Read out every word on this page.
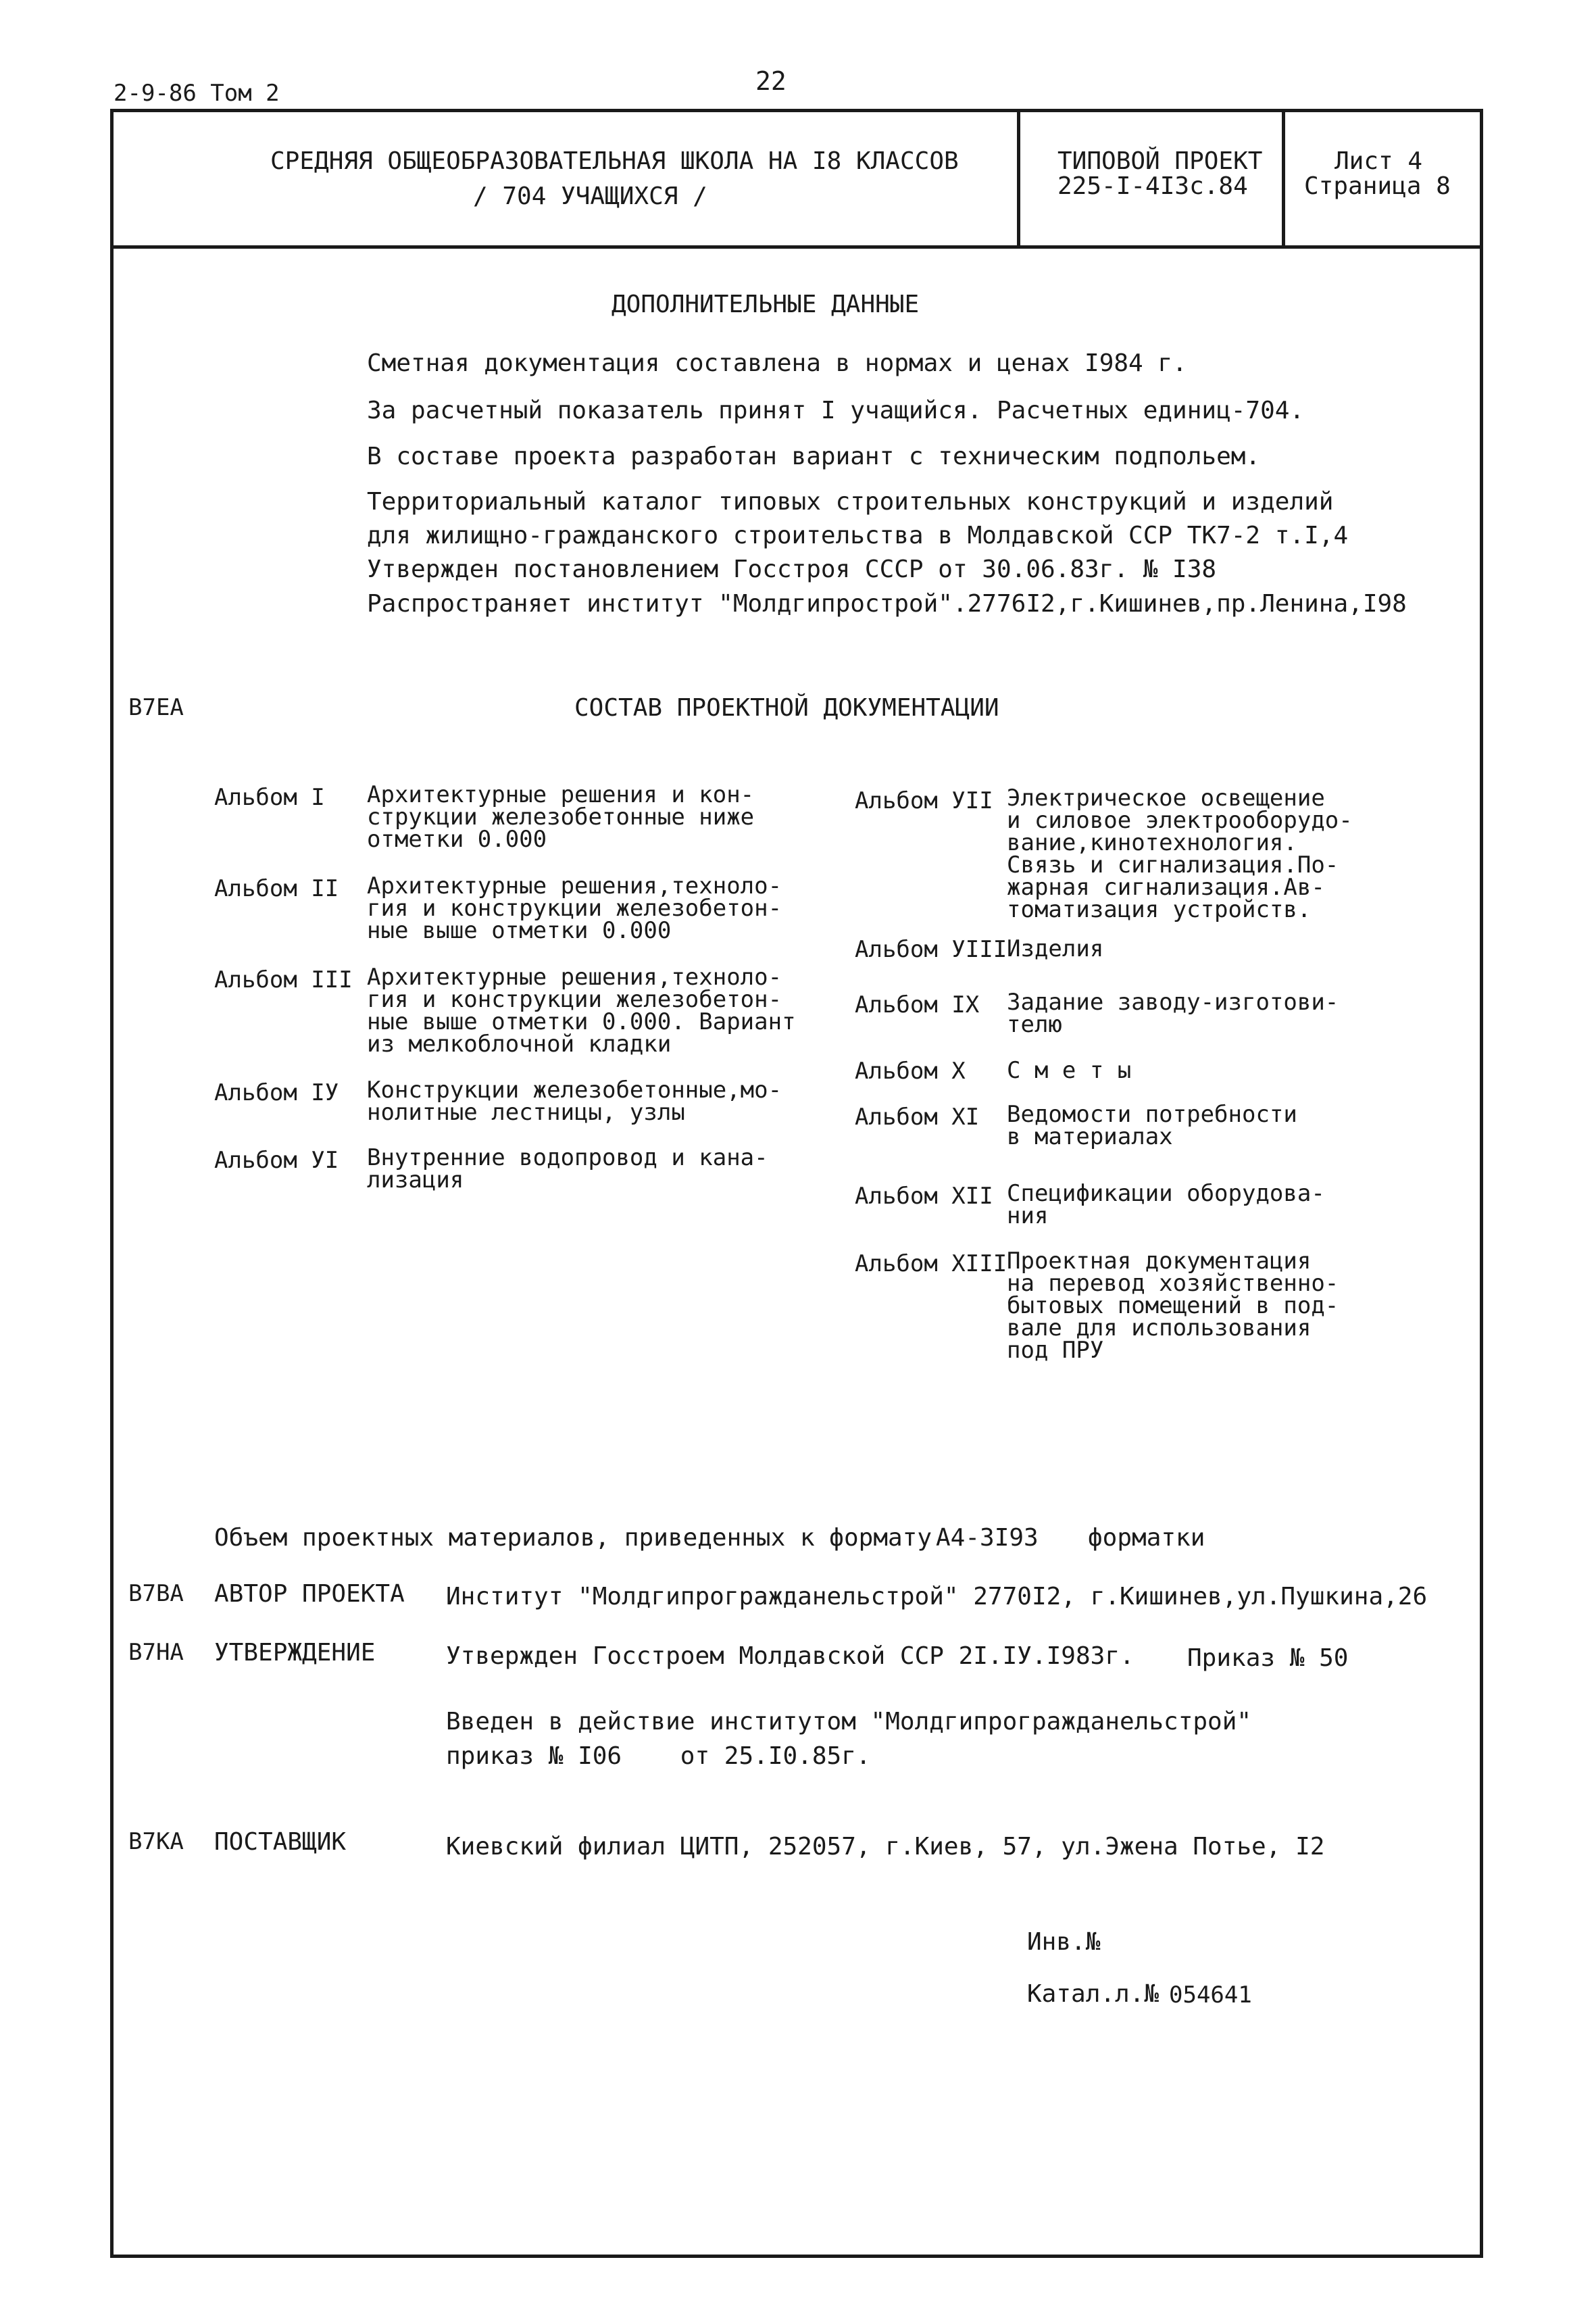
2-9-86 Том 2	22
СРЕДНЯЯ ОБЩЕОБРАЗОВАТЕЛЬНАЯ ШКОЛА НА I8 КЛАССОВ
/ 704 УЧАЩИХСЯ /
ТИПОВОЙ ПРОЕКТ
225-I-4I3с.84
Лист 4
Страница 8
ДОПОЛНИТЕЛЬНЫЕ ДАННЫЕ
Сметная документация составлена в нормах и ценах I984 г.
За расчетный показатель принят I учащийся. Расчетных единиц-704.
В составе проекта разработан вариант с техническим подпольем.
Территориальный каталог типовых строительных конструкций и изделий
для жилищно-гражданского строительства в Молдавской ССР ТК7-2 т.I,4
Утвержден постановлением Госстроя СССР от 30.06.83г. № I38
Распространяет институт "Молдгипрострой".2776I2,г.Кишинев,пр.Ленина,I98
B7EA	СОСТАВ ПРОЕКТНОЙ ДОКУМЕНТАЦИИ
Альбом I Архитектурные решения и кон-
струкции железобетонные ниже
отметки 0.000
Альбом II Архитектурные решения,техноло-
гия и конструкции железобетон-
ные выше отметки 0.000
Альбом III Архитектурные решения,техноло-
гия и конструкции железобетон-
ные выше отметки 0.000. Вариант
из мелкоблочной кладки
Альбом IУ Конструкции железобетонные,мо-
нолитные лестницы, узлы
Альбом УI Внутренние водопровод и кана-
лизация
Альбом УII Электрическое освещение
и силовое электрооборудо-
вание,кинотехнология.
Связь и сигнализация.По-
жарная сигнализация.Ав-
томатизация устройств.
Альбом УIII Изделия
Альбом IX Задание заводу-изготови-
телю
Альбом X С м е т ы
Альбом XI Ведомости потребности
в материалах
Альбом XII Спецификации оборудова-
ния
Альбом XIII Проектная документация
на перевод хозяйственно-
бытовых помещений в под-
вале для использования
под ПРУ
Объем проектных материалов, приведенных к формату А4-3I93 форматки
B7BA АВТОР ПРОЕКТА Институт "Молдгипрогражданельстрой" 2770I2, г.Кишинев,ул.Пушкина,26
B7HA УТВЕРЖДЕНИЕ	Утвержден Госстроем Молдавской ССР 2I.IУ.I983г. Приказ № 50
Введен в действие институтом "Молдгипрогражданельстрой"
приказ № I06    от 25.I0.85г.
B7KA ПОСТАВЩИК	Киевский филиал ЦИТП, 252057, г.Киев, 57, ул.Эжена Потье, I2
Инв.№
Катал.л.№ 054641
